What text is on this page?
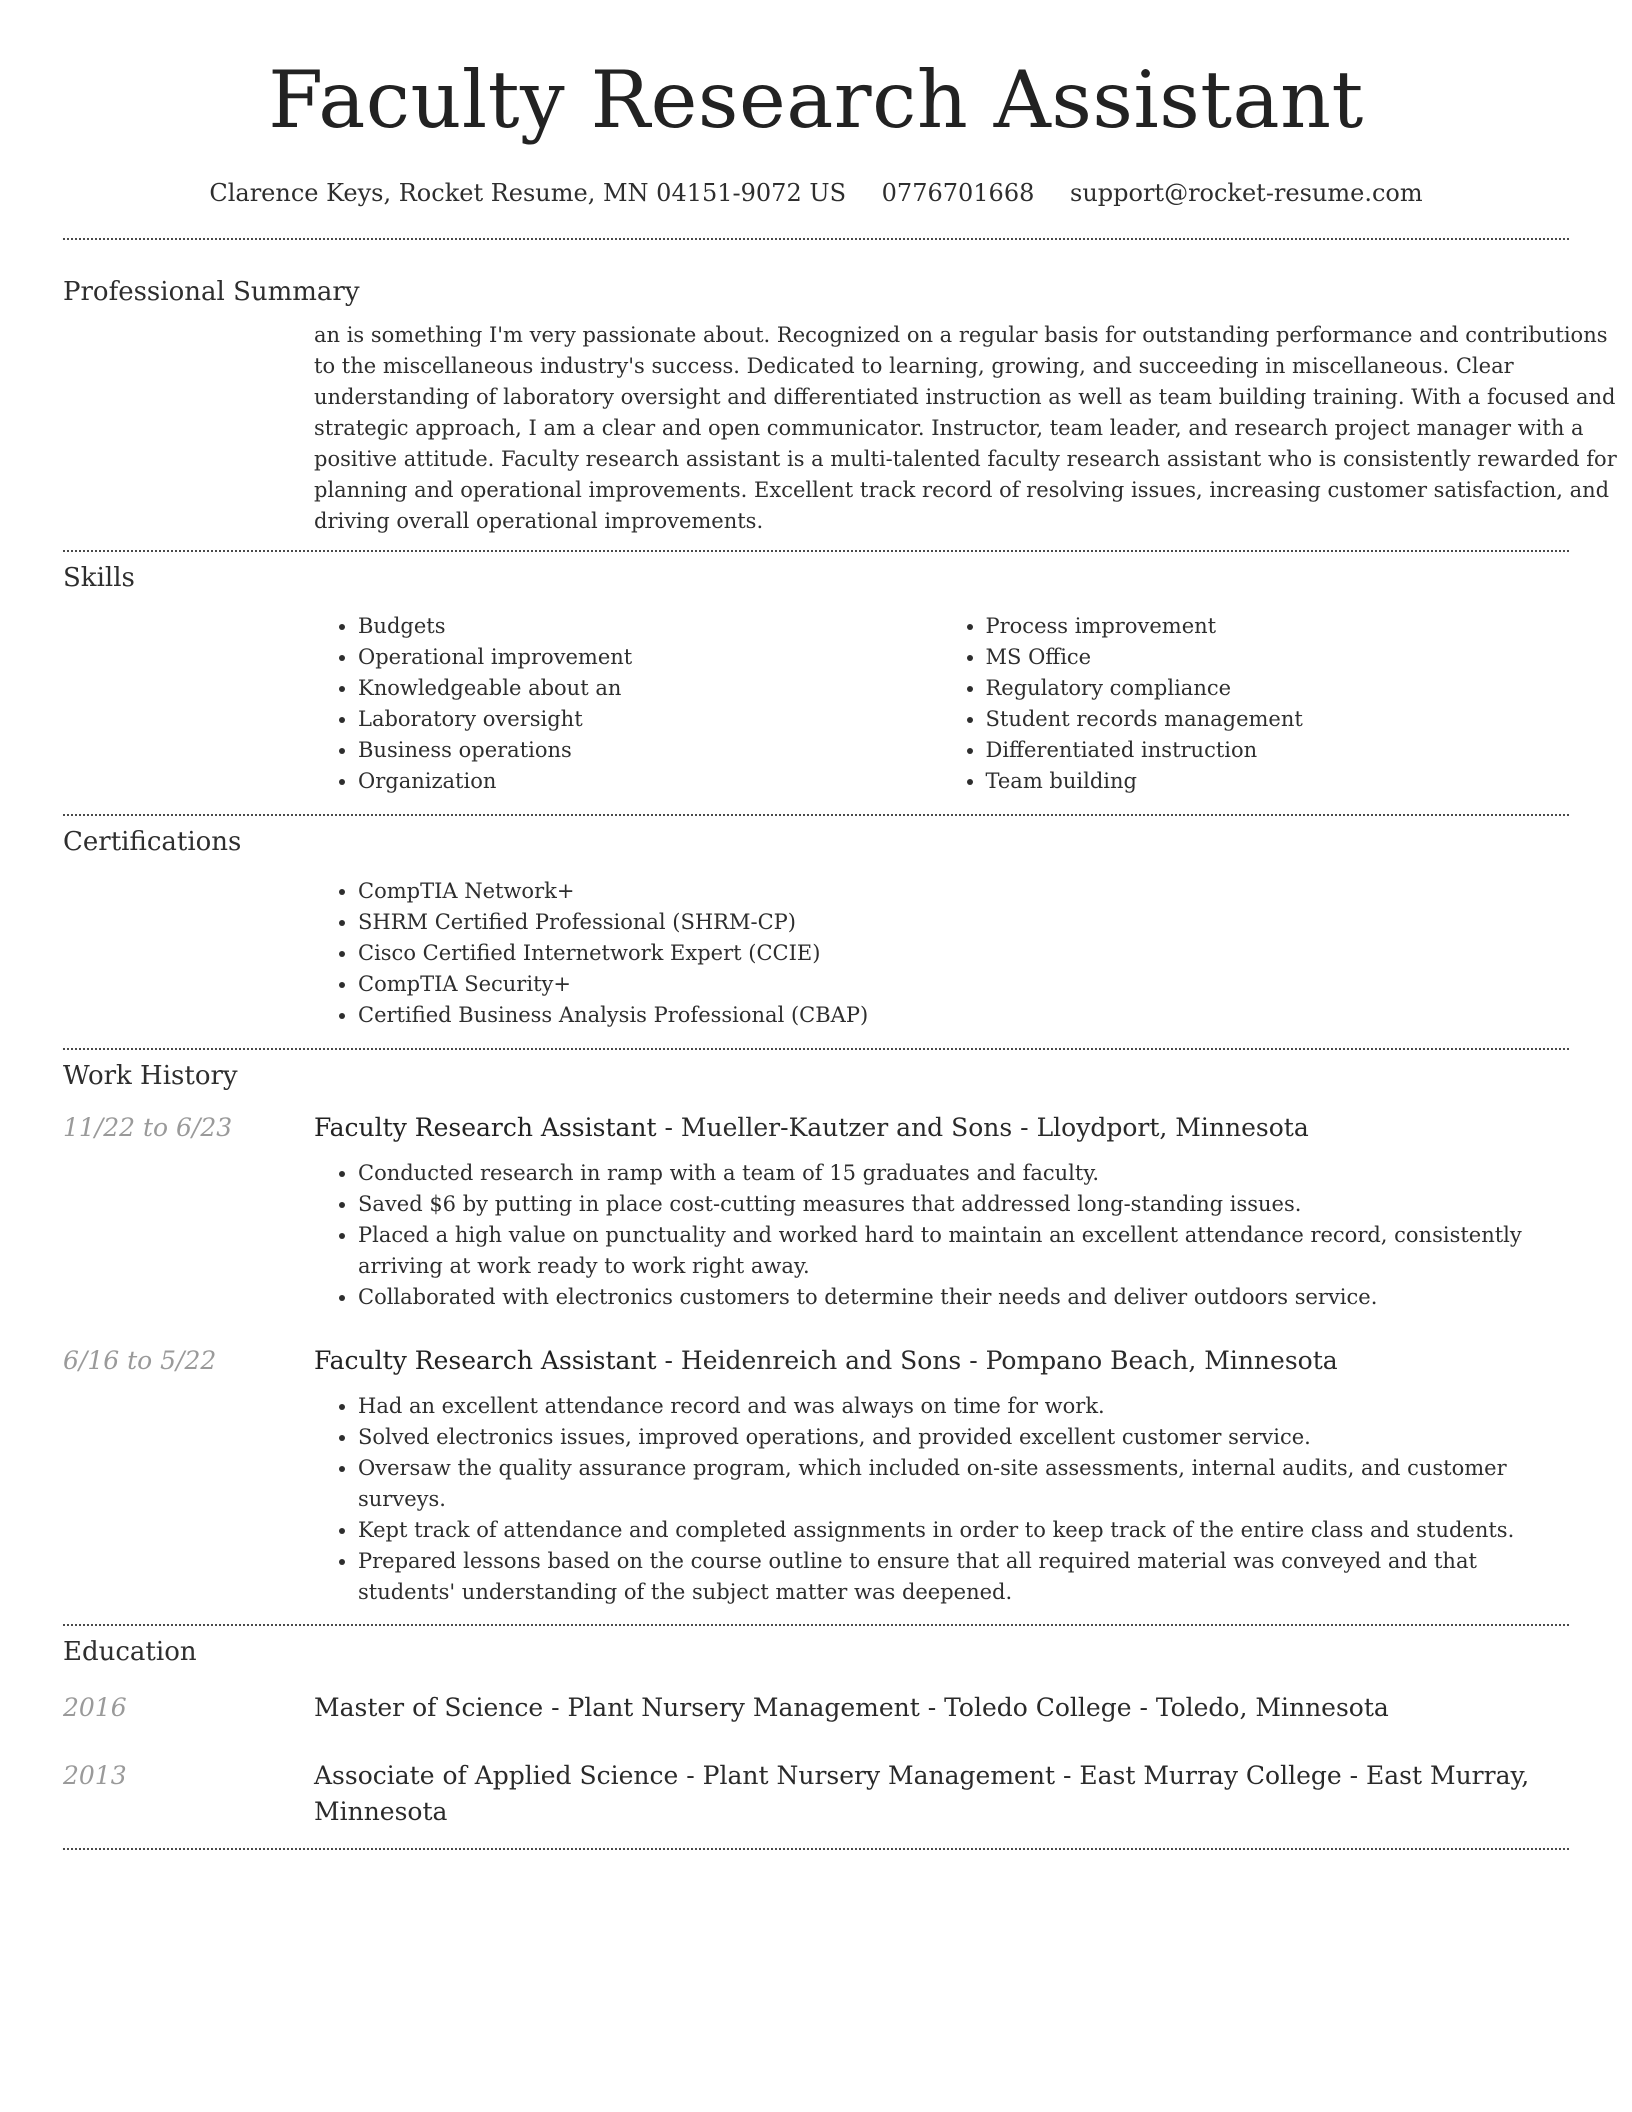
Faculty Research Assistant
Clarence Keys, Rocket Resume, MN 04151-9072 US 0776701668 support@rocket-resume.com
Professional Summary

an is something I'm very passionate about. Recognized on a regular basis for outstanding performance and contributions to the miscellaneous industry's success. Dedicated to learning, growing, and succeeding in miscellaneous. Clear understanding of laboratory oversight and differentiated instruction as well as team building training. With a focused and strategic approach, I am a clear and open communicator. Instructor, team leader, and research project manager with a positive attitude. Faculty research assistant is a multi-talented faculty research assistant who is consistently rewarded for planning and operational improvements. Excellent track record of resolving issues, increasing customer satisfaction, and driving overall operational improvements.

Skills
• Budgets
• Operational improvement
• Knowledgeable about an
• Laboratory oversight
• Business operations
• Organization
• Process improvement
• MS Office
• Regulatory compliance
• Student records management
• Differentiated instruction
• Team building
Certifications
• CompTIA Network+
• SHRM Certified Professional (SHRM-CP)
• Cisco Certified Internetwork Expert (CCIE)
• CompTIA Security+
• Certified Business Analysis Professional (CBAP)
Work History
11/22 to 6/23	Faculty Research Assistant - Mueller-Kautzer and Sons - Lloydport, Minnesota

• Conducted research in ramp with a team of 15 graduates and faculty.
• Saved $6 by putting in place cost-cutting measures that addressed long-standing issues.
• Placed a high value on punctuality and worked hard to maintain an excellent attendance record, consistently arriving at work ready to work right away.
• Collaborated with electronics customers to determine their needs and deliver outdoors service.
6/16 to 5/22	Faculty Research Assistant - Heidenreich and Sons - Pompano Beach, Minnesota

• Had an excellent attendance record and was always on time for work.
• Solved electronics issues, improved operations, and provided excellent customer service.
• Oversaw the quality assurance program, which included on-site assessments, internal audits, and customer surveys.
• Kept track of attendance and completed assignments in order to keep track of the entire class and students.
• Prepared lessons based on the course outline to ensure that all required material was conveyed and that students' understanding of the subject matter was deepened.
Education
2016	Master of Science - Plant Nursery Management - Toledo College - Toledo, Minnesota

2013	Associate of Applied Science - Plant Nursery Management - East Murray College - East Murray, Minnesota
